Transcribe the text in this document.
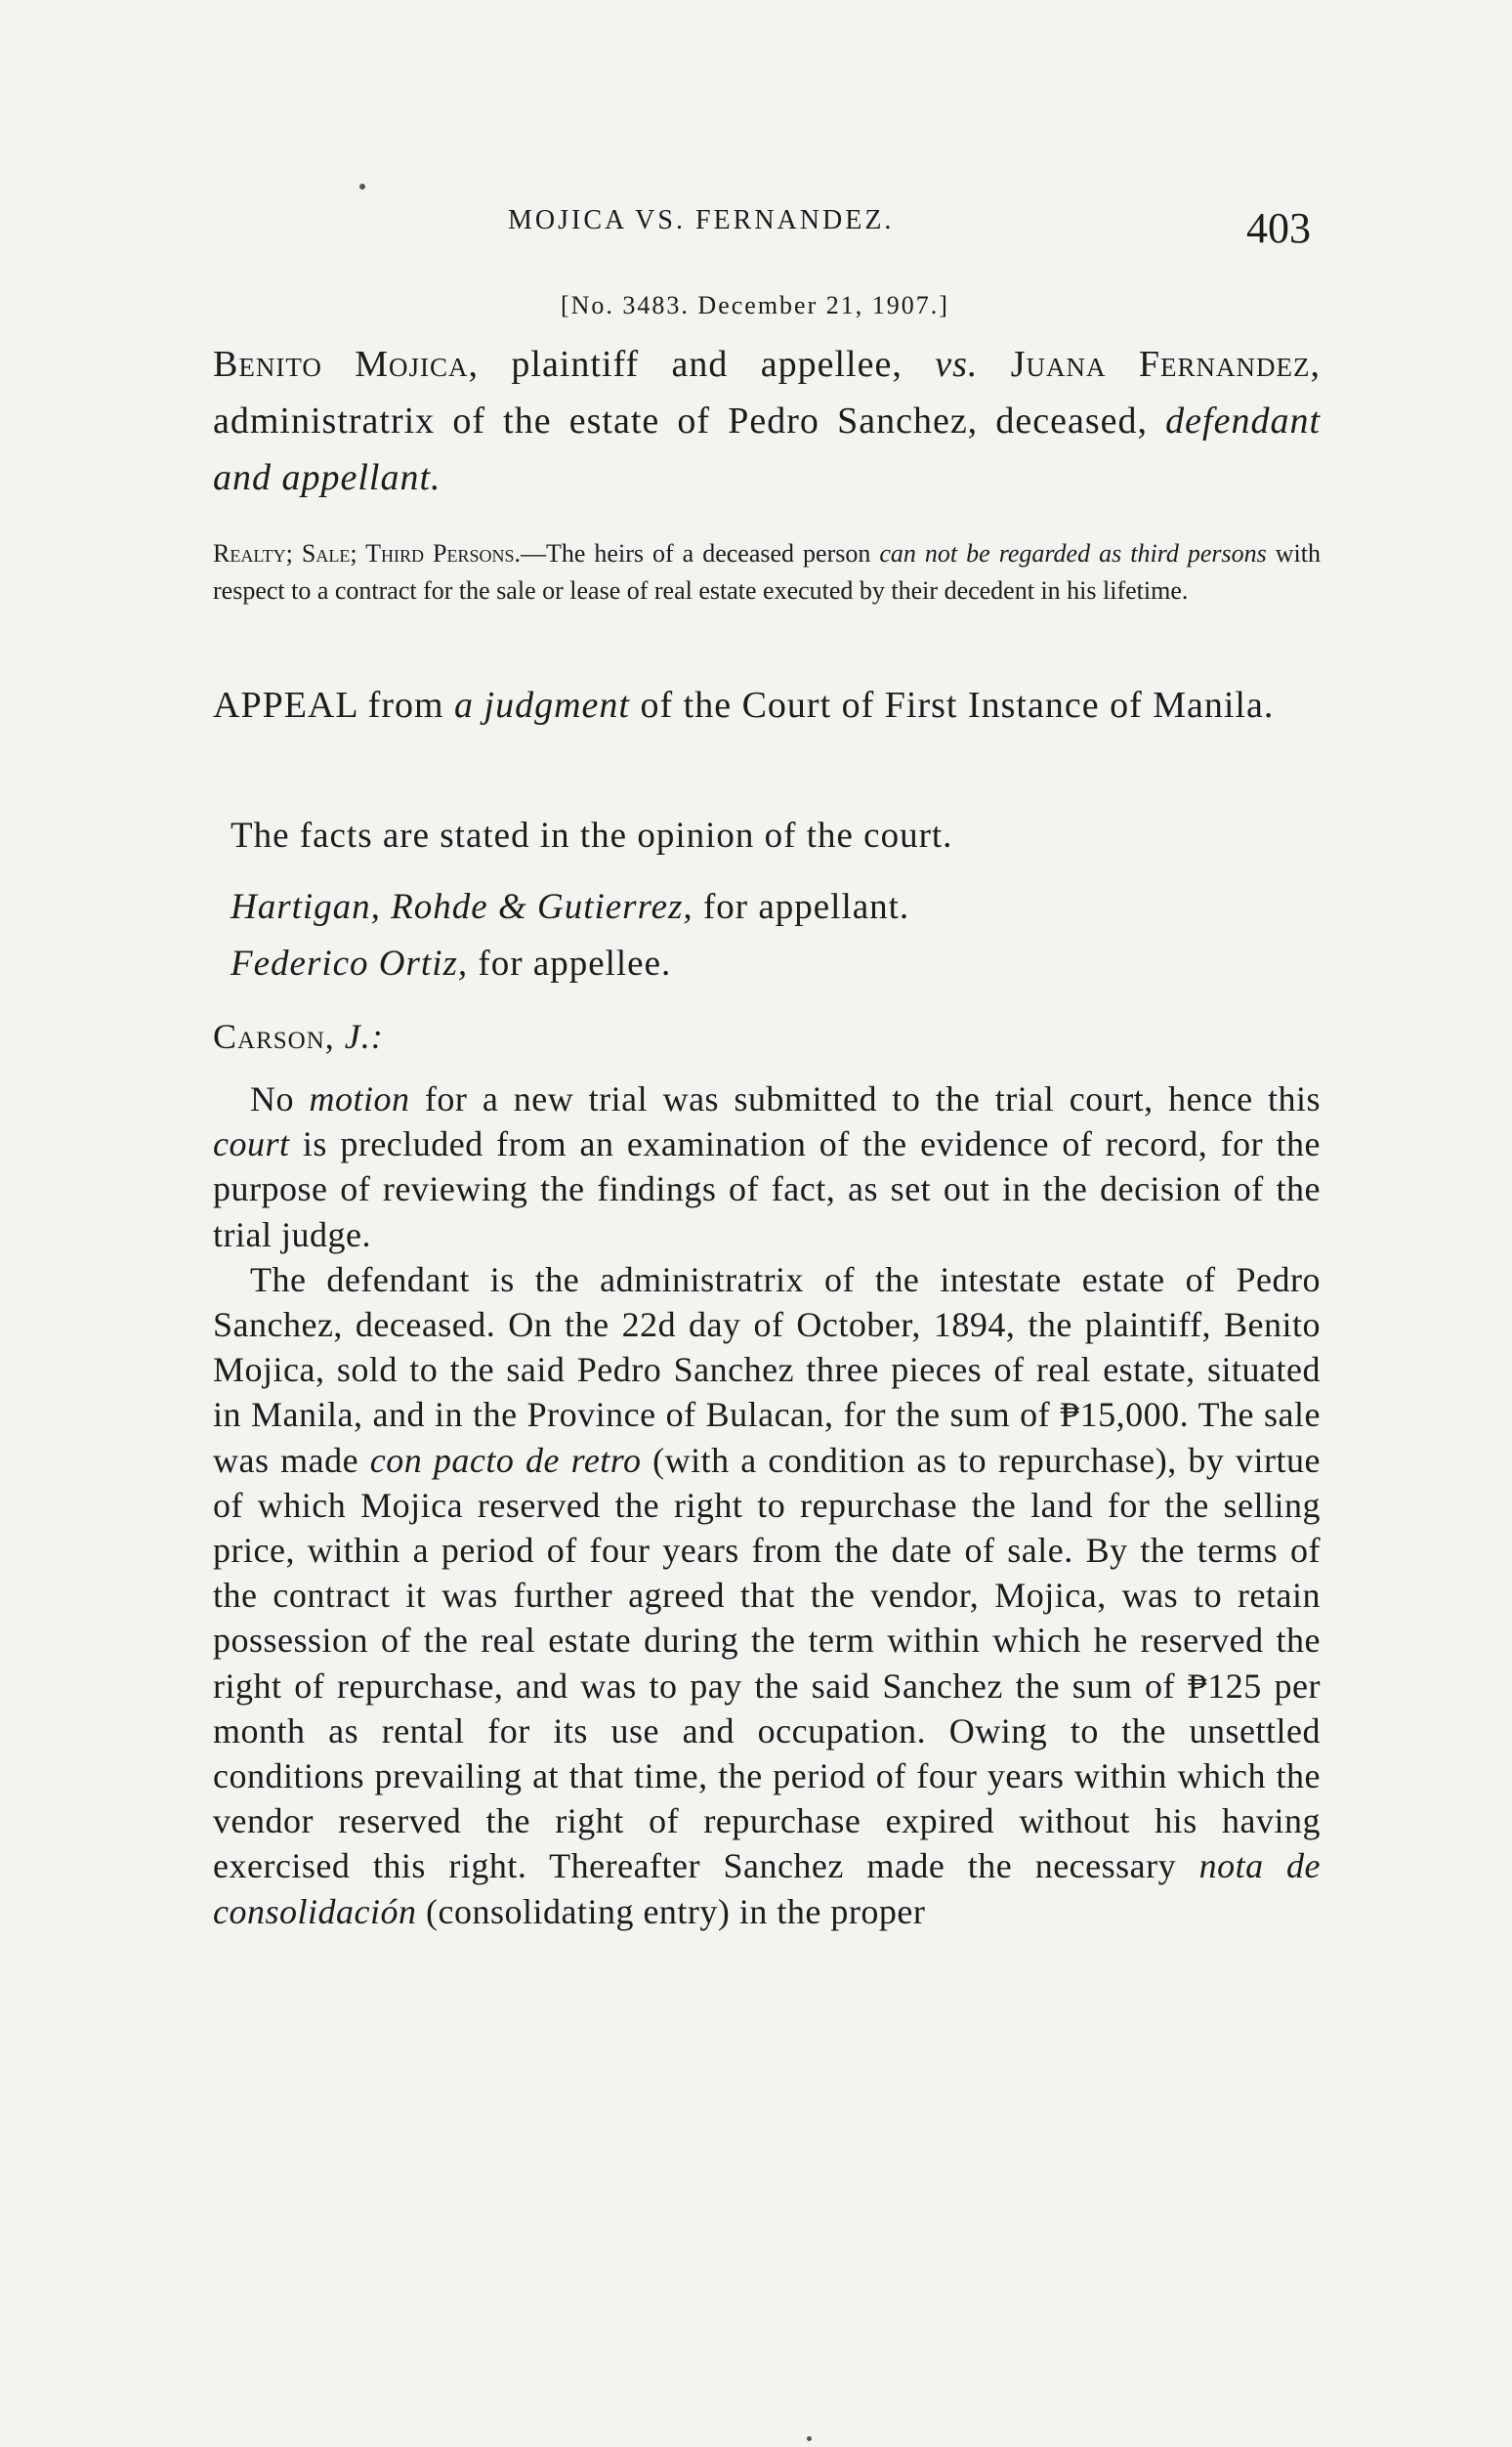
MOJICA VS. FERNANDEZ.	403
[No. 3483. December 21, 1907.]
Benito Mojica, plaintiff and appellee, vs. Juana Fernandez, administratrix of the estate of Pedro Sanchez, deceased, defendant and appellant.
Realty; Sale; Third Persons.—The heirs of a deceased person can not be regarded as third persons with respect to a contract for the sale or lease of real estate executed by their decedent in his lifetime.
APPEAL from a judgment of the Court of First Instance of Manila.
The facts are stated in the opinion of the court.
Hartigan, Rohde & Gutierrez, for appellant.
Federico Ortiz, for appellee.
Carson, J.:

No motion for a new trial was submitted to the trial court, hence this court is precluded from an examination of the evidence of record, for the purpose of reviewing the findings of fact, as set out in the decision of the trial judge.

The defendant is the administratrix of the intestate estate of Pedro Sanchez, deceased. On the 22d day of October, 1894, the plaintiff, Benito Mojica, sold to the said Pedro Sanchez three pieces of real estate, situated in Manila, and in the Province of Bulacan, for the sum of ₱15,000. The sale was made con pacto de retro (with a condition as to repurchase), by virtue of which Mojica reserved the right to repurchase the land for the selling price, within a period of four years from the date of sale. By the terms of the contract it was further agreed that the vendor, Mojica, was to retain possession of the real estate during the term within which he reserved the right of repurchase, and was to pay the said Sanchez the sum of ₱125 per month as rental for its use and occupation. Owing to the unsettled conditions prevailing at that time, the period of four years within which the vendor reserved the right of repurchase expired without his having exercised this right. Thereafter Sanchez made the necessary nota de consolidación (consolidating entry) in the proper
